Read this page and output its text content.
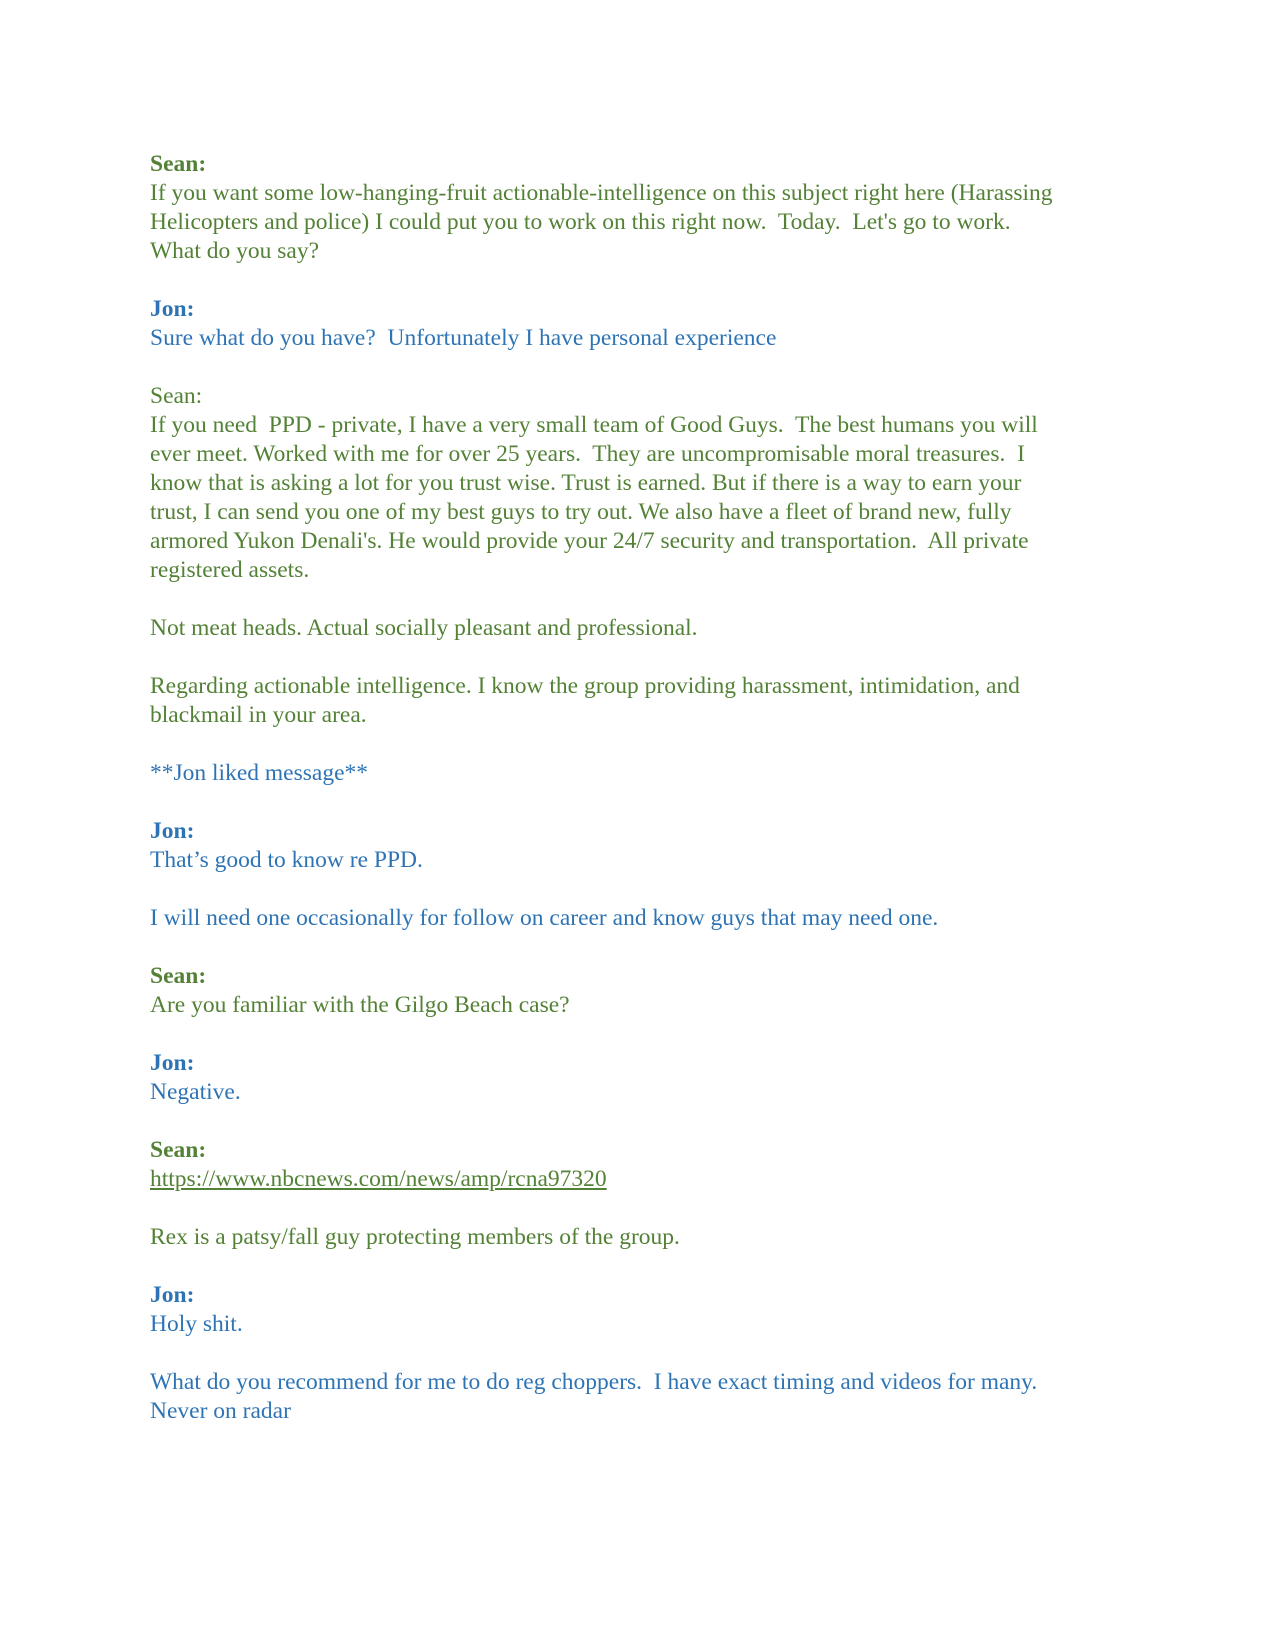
Sean:

If you want some low-hanging-fruit actionable-intelligence on this subject right here (Harassing

Helicopters and police) I could put you to work on this right now.  Today.  Let's go to work.

What do you say?

Jon:

Sure what do you have?  Unfortunately I have personal experience

Sean:

If you need  PPD - private, I have a very small team of Good Guys.  The best humans you will

ever meet. Worked with me for over 25 years.  They are uncompromisable moral treasures.  I

know that is asking a lot for you trust wise. Trust is earned. But if there is a way to earn your

trust, I can send you one of my best guys to try out. We also have a fleet of brand new, fully

armored Yukon Denali's. He would provide your 24/7 security and transportation.  All private

registered assets.

Not meat heads. Actual socially pleasant and professional.

Regarding actionable intelligence. I know the group providing harassment, intimidation, and

blackmail in your area.

**Jon liked message**

Jon:

That’s good to know re PPD.

I will need one occasionally for follow on career and know guys that may need one.

Sean:

Are you familiar with the Gilgo Beach case?

Jon:

Negative.

Sean:

https://www.nbcnews.com/news/amp/rcna97320

Rex is a patsy/fall guy protecting members of the group.

Jon:

Holy shit.

What do you recommend for me to do reg choppers.  I have exact timing and videos for many.

Never on radar
